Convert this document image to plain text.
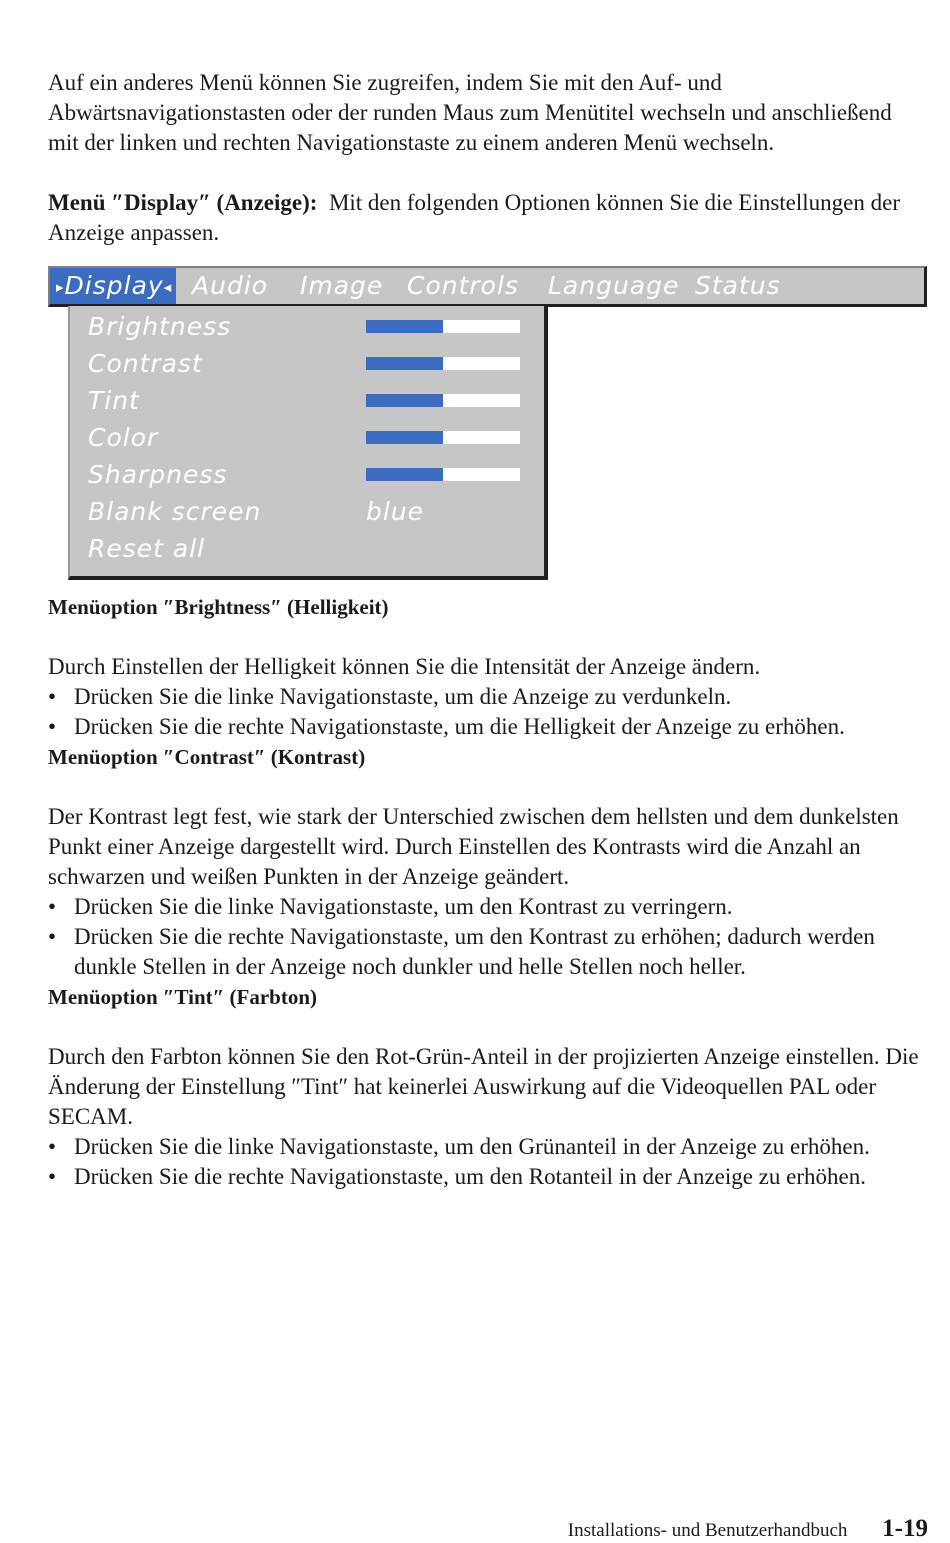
Auf ein anderes Menü können Sie zugreifen, indem Sie mit den Auf- und Abwärtsnavigationstasten oder der runden Maus zum Menütitel wechseln und anschließend mit der linken und rechten Navigationstaste zu einem anderen Menü wechseln.

Menü ″Display″ (Anzeige): Mit den folgenden Optionen können Sie die Einstellungen der Anzeige anpassen.

▸Display◂ Audio Image Controls Language Status
Brightness
Contrast
Tint
Color
Sharpness
Blank screen	blue
Reset all
Menüoption ″Brightness″ (Helligkeit)

Durch Einstellen der Helligkeit können Sie die Intensität der Anzeige ändern.

• Drücken Sie die linke Navigationstaste, um die Anzeige zu verdunkeln.
• Drücken Sie die rechte Navigationstaste, um die Helligkeit der Anzeige zu erhöhen.
Menüoption ″Contrast″ (Kontrast)

Der Kontrast legt fest, wie stark der Unterschied zwischen dem hellsten und dem dunkelsten Punkt einer Anzeige dargestellt wird. Durch Einstellen des Kontrasts wird die Anzahl an schwarzen und weißen Punkten in der Anzeige geändert.

• Drücken Sie die linke Navigationstaste, um den Kontrast zu verringern.
• Drücken Sie die rechte Navigationstaste, um den Kontrast zu erhöhen; dadurch werden dunkle Stellen in der Anzeige noch dunkler und helle Stellen noch heller.
Menüoption ″Tint″ (Farbton)

Durch den Farbton können Sie den Rot-Grün-Anteil in der projizierten Anzeige einstellen. Die Änderung der Einstellung ″Tint″ hat keinerlei Auswirkung auf die Videoquellen PAL oder SECAM.

• Drücken Sie die linke Navigationstaste, um den Grünanteil in der Anzeige zu erhöhen.
• Drücken Sie die rechte Navigationstaste, um den Rotanteil in der Anzeige zu erhöhen.
Installations- und Benutzerhandbuch 1-19
